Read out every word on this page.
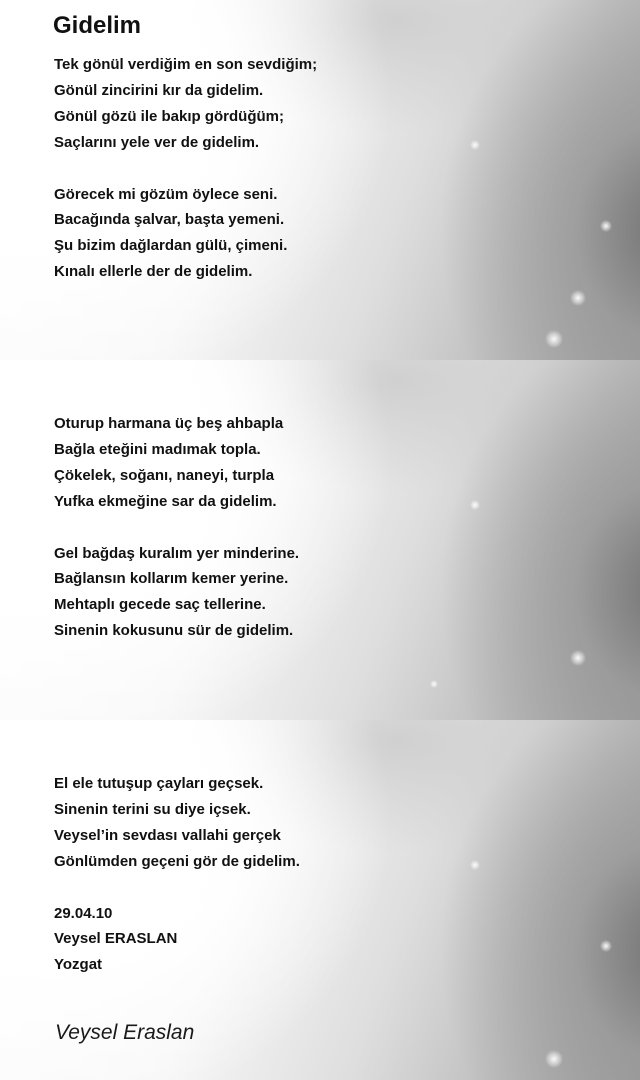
Gidelim

Tek gönül verdiğim en son sevdiğim;
Gönül zincirini kır da gidelim.
Gönül gözü ile bakıp gördüğüm;
Saçlarını yele ver de gidelim.

Görecek mi gözüm öylece seni.
Bacağında şalvar, başta yemeni.
Şu bizim dağlardan gülü, çimeni.
Kınalı ellerle der de gidelim.

Oturup harmana üç beş ahbapla
Bağla eteğini madımak topla.
Çökelek, soğanı, naneyi, turpla
Yufka ekmeğine sar da gidelim.

Gel bağdaş kuralım yer minderine.
Bağlansın kollarım kemer yerine.
Mehtaplı gecede saç tellerine.
Sinenin kokusunu sür de gidelim.

El ele tutuşup çayları geçsek.
Sinenin terini su diye içsek.
Veysel’in sevdası vallahi gerçek
Gönlümden geçeni gör de gidelim.

29.04.10
Veysel ERASLAN
Yozgat

Veysel Eraslan
